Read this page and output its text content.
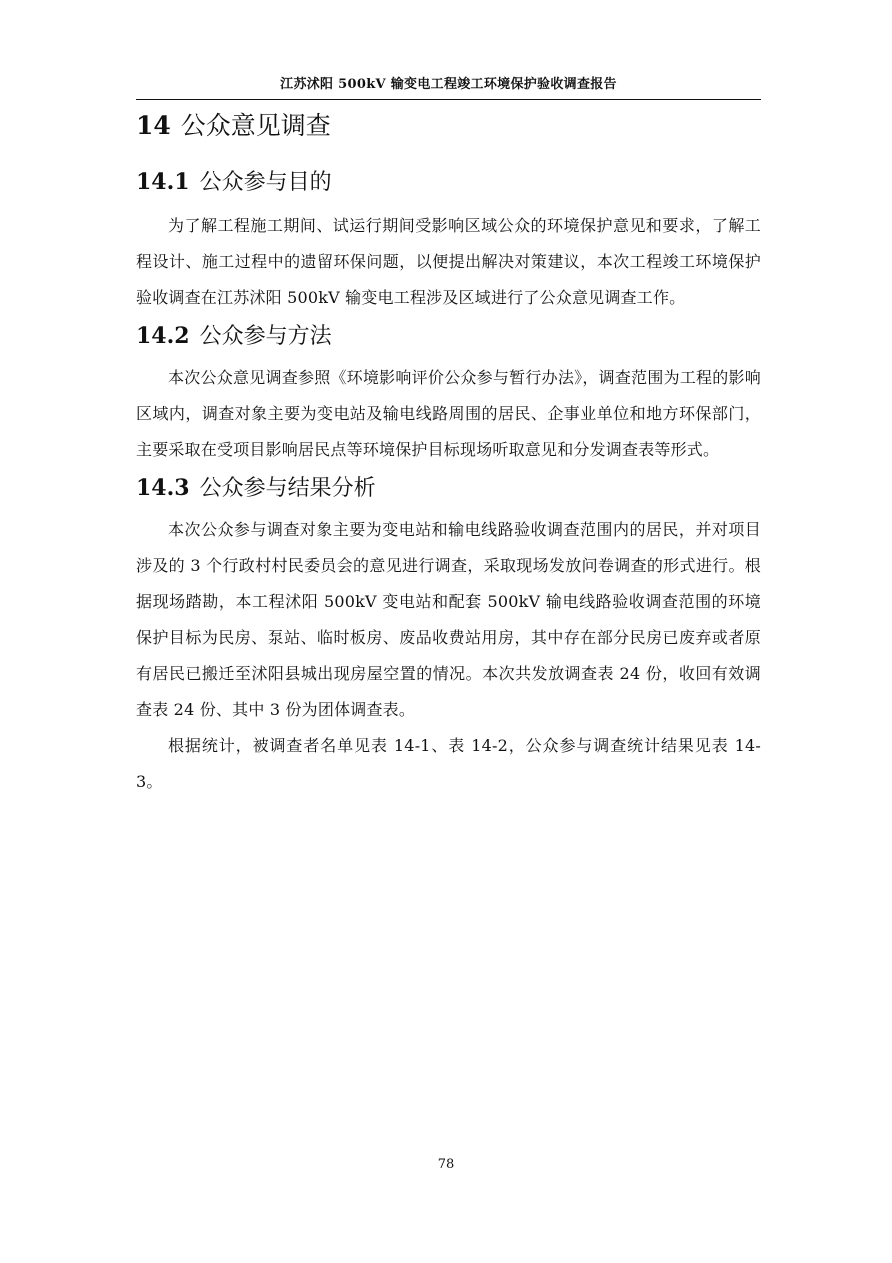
江苏沭阳 500kV 输变电工程竣工环境保护验收调查报告
14 公众意见调查
14.1 公众参与目的

为了解工程施工期间、试运行期间受影响区域公众的环境保护意见和要求，了解工程设计、施工过程中的遗留环保问题，以便提出解决对策建议，本次工程竣工环境保护验收调查在江苏沭阳 500kV 输变电工程涉及区域进行了公众意见调查工作。

14.2 公众参与方法

本次公众意见调查参照《环境影响评价公众参与暂行办法》，调查范围为工程的影响区域内，调查对象主要为变电站及输电线路周围的居民、企事业单位和地方环保部门，主要采取在受项目影响居民点等环境保护目标现场听取意见和分发调查表等形式。

14.3 公众参与结果分析

本次公众参与调查对象主要为变电站和输电线路验收调查范围内的居民，并对项目涉及的 3 个行政村村民委员会的意见进行调查，采取现场发放问卷调查的形式进行。根据现场踏勘，本工程沭阳 500kV 变电站和配套 500kV 输电线路验收调查范围的环境保护目标为民房、泵站、临时板房、废品收费站用房，其中存在部分民房已废弃或者原有居民已搬迁至沭阳县城出现房屋空置的情况。本次共发放调查表 24 份，收回有效调查表 24 份、其中 3 份为团体调查表。

根据统计，被调查者名单见表 14-1、表 14-2，公众参与调查统计结果见表 14-3。

78
